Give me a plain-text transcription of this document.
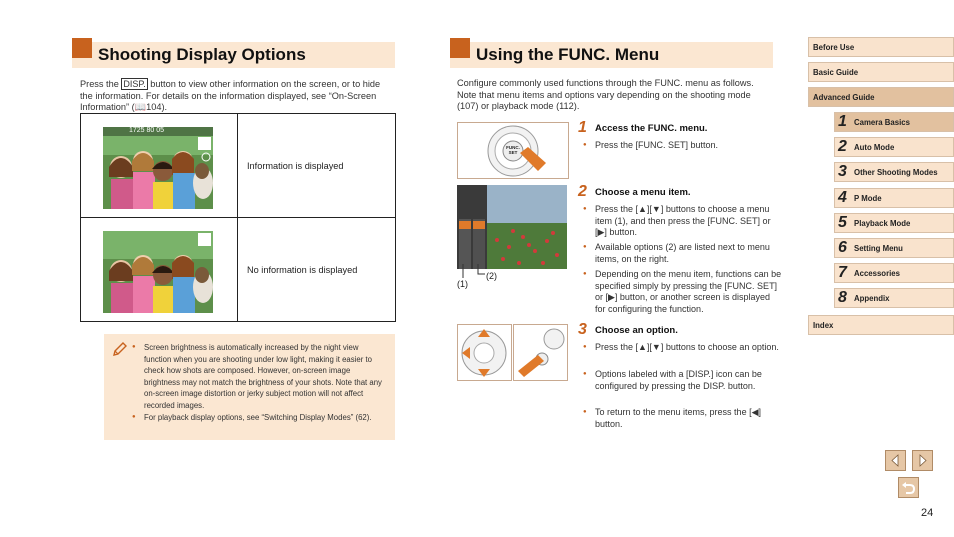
Shooting Display Options
Press the DISP. button to view other information on the screen, or to hide the information. For details on the information displayed, see “On-Screen Information” (📖104).
1725 80 05
Information is displayed
No information is displayed
● Screen brightness is automatically increased by the night view function when you are shooting under low light, making it easier to check how shots are composed. However, on-screen image brightness may not match the brightness of your shots. Note that any on-screen image distortion or jerky subject motion will not affect recorded images.
● For playback display options, see “Switching Display Modes” (62).
Using the FUNC. Menu
Configure commonly used functions through the FUNC. menu as follows. Note that menu items and options vary depending on the shooting mode (107) or playback mode (112).
FUNC. SET
1 Access the FUNC. menu.
● Press the [FUNC. SET] button.
(1)
(2)
2 Choose a menu item.
● Press the [▲][▼] buttons to choose a menu item (1), and then press the [FUNC. SET] or [▶] button.
● Available options (2) are listed next to menu items, on the right.
● Depending on the menu item, functions can be specified simply by pressing the [FUNC. SET] or [▶] button, or another screen is displayed for configuring the function.
3 Choose an option.
● Press the [▲][▼] buttons to choose an option.
● Options labeled with a [DISP.] icon can be configured by pressing the DISP. button.
● To return to the menu items, press the [◀] button.
Before Use
Basic Guide
Advanced Guide
1 Camera Basics
2 Auto Mode
3 Other Shooting Modes
4 P Mode
5 Playback Mode
6 Setting Menu
7 Accessories
8 Appendix
Index
24
